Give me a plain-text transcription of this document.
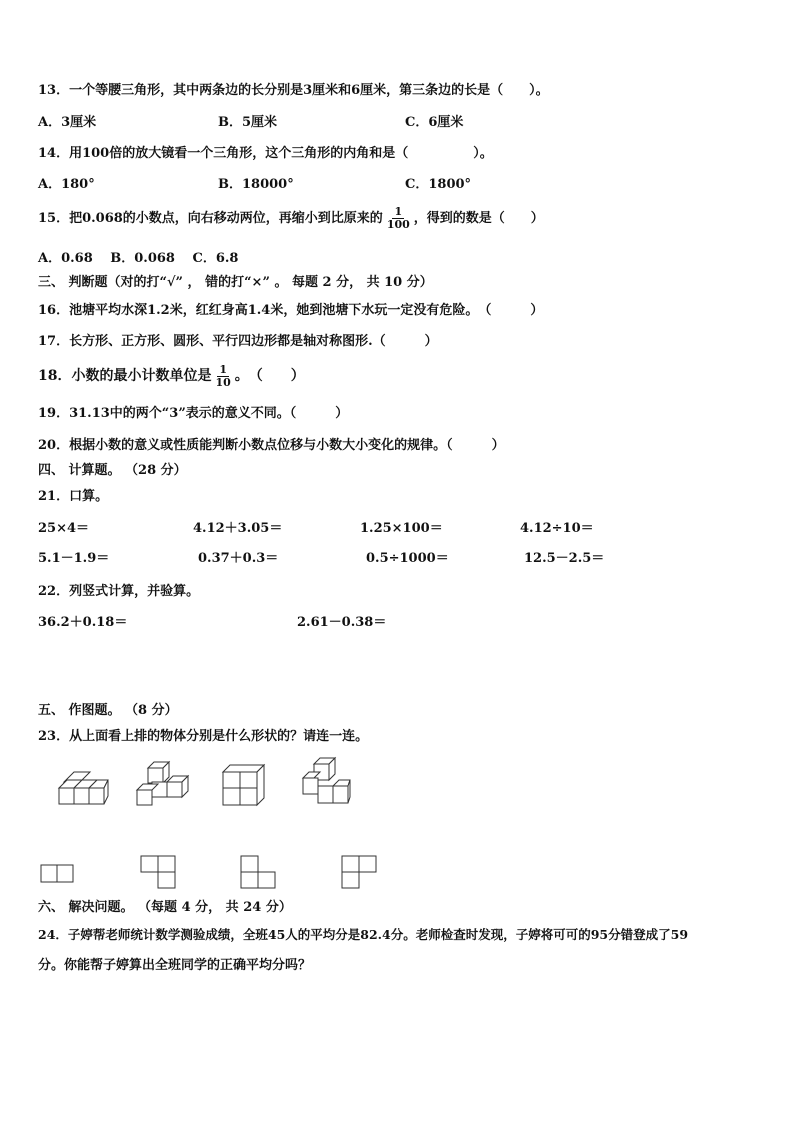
13．一个等腰三角形，其中两条边的长分别是3厘米和6厘米，第三条边的长是（　　）。
A．3厘米	B．5厘米	C．6厘米
14．用100倍的放大镜看一个三角形，这个三角形的内角和是（　　　　　）。
A．180°	B．18000°	C．1800°
15．把0.068的小数点，向右移动两位，再缩小到比原来的 $\frac{1}{100}$ ，得到的数是（　　）
A．0.68　 B．0.068　 C．6.8
三、 判断题（对的打“√” ， 错的打“×” 。 每题 2 分， 共 10 分）
16．池塘平均水深1.2米，红红身高1.4米，她到池塘下水玩一定没有危险。　（　　　）
17．长方形、正方形、圆形、平行四边形都是轴对称图形.（　　　）
18．小数的最小计数单位是 $\frac{1}{10}$ 。　（　　）
19．31.13中的两个“3”表示的意义不同。（　　　）
20．根据小数的意义或性质能判断小数点位移与小数大小变化的规律。（　　　）
四、 计算题。 （28 分）
21．口算。
25×4＝	4.12＋3.05＝	1.25×100＝	4.12÷10＝
5.1－1.9＝	0.37＋0.3＝	0.5÷1000＝	12.5－2.5＝
22．列竖式计算，并验算。
36.2＋0.18＝	2.61－0.38＝
五、 作图题。 （8 分）
23．从上面看上排的物体分别是什么形状的？请连一连。
六、 解决问题。 （每题 4 分， 共 24 分）
24．子婷帮老师统计数学测验成绩，全班45人的平均分是82.4分。老师检查时发现，子婷将可可的95分错登成了59
分。你能帮子婷算出全班同学的正确平均分吗？
